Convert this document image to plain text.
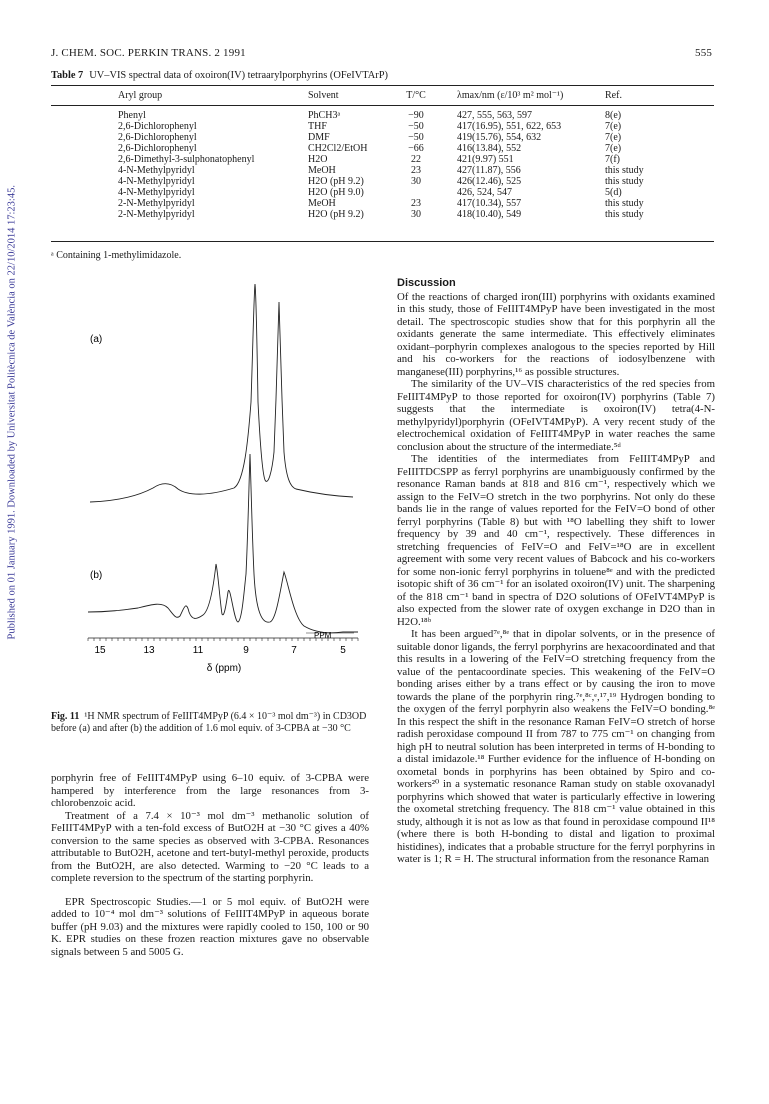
J. CHEM. SOC. PERKIN TRANS. 2 1991	555
Table 7 UV–VIS spectral data of oxoiron(IV) tetraarylporphyrins (OFeIVTArP)
Aryl group	Solvent	T/°C	λmax/nm (ε/10³ m² mol⁻¹)	Ref.

Phenyl	PhCH3ᵃ	−90	427, 555, 563, 597	8(e)
2,6-Dichlorophenyl	THF	−50	417(16.95), 551, 622, 653	7(e)
2,6-Dichlorophenyl	DMF	−50	419(15.76), 554, 632	7(e)
2,6-Dichlorophenyl	CH2Cl2/EtOH	−66	416(13.84), 552	7(e)
2,6-Dimethyl-3-sulphonatophenyl	H2O	22	421(9.97) 551	7(f)
4-N-Methylpyridyl	MeOH	23	427(11.87), 556	this study
4-N-Methylpyridyl	H2O (pH 9.2)	30	426(12.46), 525	this study
4-N-Methylpyridyl	H2O (pH 9.0)		426, 524, 547	5(d)
2-N-Methylpyridyl	MeOH	23	417(10.34), 557	this study
2-N-Methylpyridyl	H2O (pH 9.2)	30	418(10.40), 549	this study
ᵃ Containing 1-methylimidazole.
Published on 01 January 1991. Downloaded by Universitat Politècnica de València on 22/10/2014 17:23:45.	(a)
(b)
PPM
15	13	11	9	7	5
δ (ppm)
Fig. 11 ¹H NMR spectrum of FeIIIT4MPyP (6.4 × 10⁻³ mol dm⁻³) in CD3OD before (a) and after (b) the addition of 1.6 mol equiv. of 3-CPBA at −30 °C

porphyrin free of FeIIIT4MPyP using 6–10 equiv. of 3-CPBA were hampered by interference from the large resonances from 3-chlorobenzoic acid.

Treatment of a 7.4 × 10⁻³ mol dm⁻³ methanolic solution of FeIIIT4MPyP with a ten-fold excess of ButO2H at −30 °C gives a 40% conversion to the same species as observed with 3-CPBA. Resonances attributable to ButO2H, acetone and tert-butyl-methyl peroxide, products from the ButO2H, are also detected. Warming to −20 °C leads to a complete reversion to the spectrum of the starting porphyrin.

EPR Spectroscopic Studies.—1 or 5 mol equiv. of ButO2H were added to 10⁻⁴ mol dm⁻³ solutions of FeIIIT4MPyP in aqueous borate buffer (pH 9.03) and the mixtures were rapidly cooled to 150, 100 or 90 K. EPR studies on these frozen reaction mixtures gave no observable signals between 5 and 5005 G.

Discussion

Of the reactions of charged iron(III) porphyrins with oxidants examined in this study, those of FeIIIT4MPyP have been investigated in the most detail. The spectroscopic studies show that for this porphyrin all the oxidants generate the same intermediate. This effectively eliminates oxidant–porphyrin complexes analogous to the species reported by Hill and his co-workers for the reactions of iodosylbenzene with manganese(III) porphyrins,¹⁶ as possible structures.

The similarity of the UV–VIS characteristics of the red species from FeIIIT4MPyP to those reported for oxoiron(IV) porphyrins (Table 7) suggests that the intermediate is oxoiron(IV) tetra(4-N-methylpyridyl)porphyrin (OFeIVT4MPyP). A very recent study of the electrochemical oxidation of FeIIIT4MPyP in water reaches the same conclusion about the structure of the intermediate.⁵ᵈ

The identities of the intermediates from FeIIIT4MPyP and FeIIITDCSPP as ferryl porphyrins are unambiguously confirmed by the resonance Raman bands at 818 and 816 cm⁻¹, respectively which we assign to the FeIV=O stretch in the two porphyrins. Not only do these bands lie in the range of values reported for the FeIV=O bond of other ferryl porphyrins (Table 8) but with ¹⁸O labelling they shift to lower frequency by 39 and 40 cm⁻¹, respectively. These differences in stretching frequencies of FeIV=O and FeIV=¹⁸O are in excellent agreement with some very recent values of Babcock and his co-workers for some non-ionic ferryl porphyrins in toluene⁸ᵉ and with the predicted isotopic shift of 36 cm⁻¹ for an isolated oxoiron(IV) unit. The sharpening of the 818 cm⁻¹ band in spectra of D2O solutions of OFeIVT4MPyP is also expected from the slower rate of oxygen exchange in D2O than in H2O.¹⁸ᵇ

It has been argued⁷ᵉ,⁸ᵉ that in dipolar solvents, or in the presence of suitable donor ligands, the ferryl porphyrins are hexacoordinated and that this results in a lowering of the FeIV=O stretching frequency from the value of the pentacoordinate species. This weakening of the FeIV=O bonding arises either by a trans effect or by causing the iron to move towards the plane of the porphyrin ring.⁷ᵉ,⁸ᶜ,ᵉ,¹⁷,¹⁹ Hydrogen bonding to the oxygen of the ferryl porphyrin also weakens the FeIV=O bonding.⁸ᵉ In this respect the shift in the resonance Raman FeIV=O stretch of horse radish peroxidase compound II from 787 to 775 cm⁻¹ on changing from high pH to neutral solution has been interpreted in terms of H-bonding to a distal imidazole.¹⁸ Further evidence for the influence of H-bonding on oxometal bonds in porphyrins has been obtained by Spiro and co-workers²⁰ in a systematic resonance Raman study on stable oxovanadyl porphyrins which showed that water is particularly effective in lowering the oxometal stretching frequency. The 818 cm⁻¹ value obtained in this study, although it is not as low as that found in peroxidase compound II¹⁸ (where there is both H-bonding to distal and ligation to proximal histidines), indicates that a probable structure for the ferryl porphyrins in water is 1; R = H. The structural information from the resonance Raman
